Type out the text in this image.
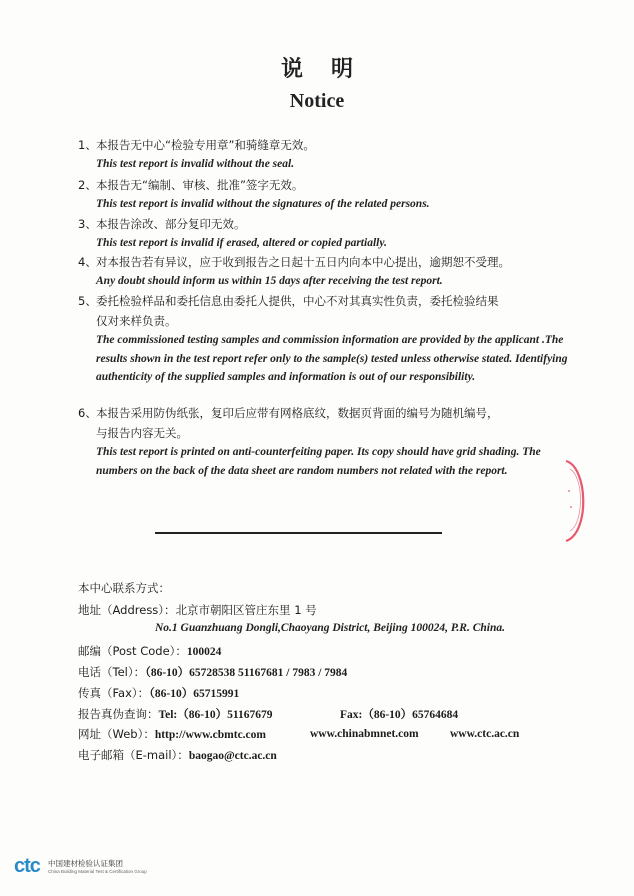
说明
Notice
1、本报告无中心“检验专用章”和骑缝章无效。
This test report is invalid without the seal.
2、本报告无“编制、审核、批准”签字无效。
This test report is invalid without the signatures of the related persons.
3、本报告涂改、部分复印无效。
This test report is invalid if erased, altered or copied partially.
4、对本报告若有异议，应于收到报告之日起十五日内向本中心提出，逾期恕不受理。
Any doubt should inform us within 15 days after receiving the test report.
5、委托检验样品和委托信息由委托人提供，中心不对其真实性负责，委托检验结果
仅对来样负责。
The commissioned testing samples and commission information are provided by the applicant .The results shown in the test report refer only to the sample(s) tested unless otherwise stated. Identifying authenticity of the supplied samples and information is out of our responsibility.
6、本报告采用防伪纸张，复印后应带有网格底纹，数据页背面的编号为随机编号，
与报告内容无关。
This test report is printed on anti-counterfeiting paper. Its copy should have grid shading. The numbers on the back of the data sheet are random numbers not related with the report.
本中心联系方式：
地址（Address）：北京市朝阳区管庄东里 1 号
No.1 Guanzhuang Dongli,Chaoyang District, Beijing 100024, P.R. China.
邮编（Post Code）：100024
电话（Tel）：（86-10）65728538 51167681 / 7983 / 7984
传真（Fax）：（86-10）65715991
报告真伪查询：Tel:（86-10）51167679	Fax:（86-10）65764684
网址（Web）：http://www.cbmtc.com	www.chinabmnet.com	www.ctc.ac.cn
电子邮箱（E-mail）：baogao@ctc.ac.cn
ctc 中国建材检验认证集团
China Building Material Test & Certification Group
